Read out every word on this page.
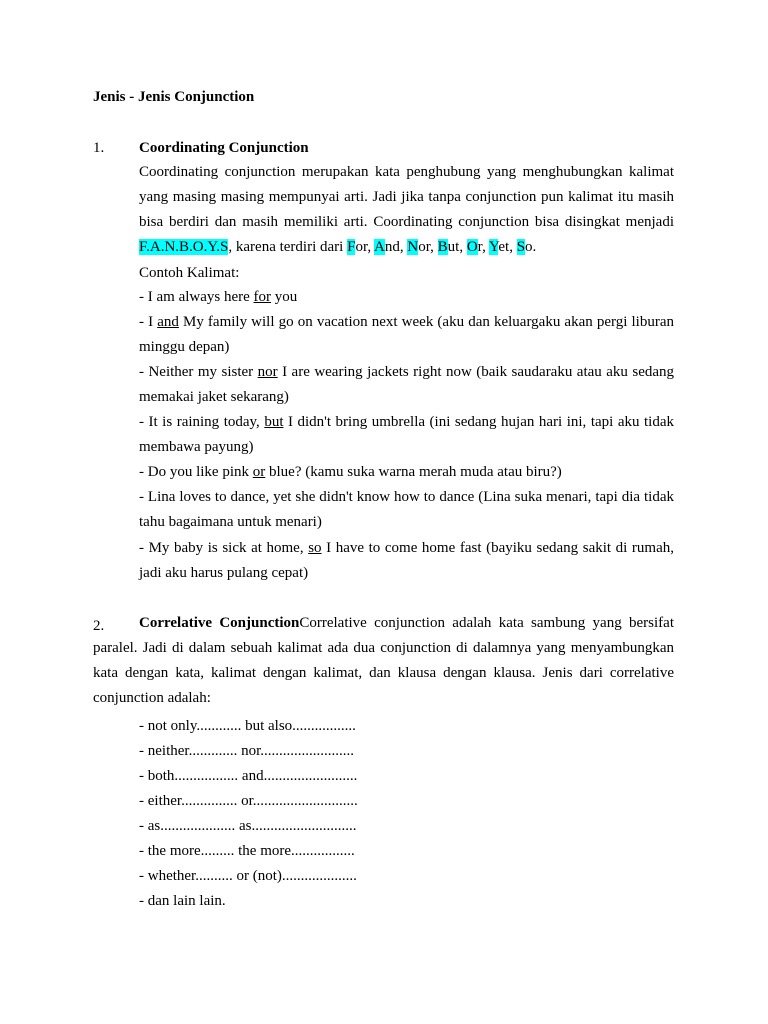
Jenis - Jenis Conjunction
1. Coordinating Conjunction
Coordinating conjunction merupakan kata penghubung yang menghubungkan kalimat yang masing masing mempunyai arti. Jadi jika tanpa conjunction pun kalimat itu masih bisa berdiri dan masih memiliki arti. Coordinating conjunction bisa disingkat menjadi F.A.N.B.O.Y.S, karena terdiri dari For, And, Nor, But, Or, Yet, So.
Contoh Kalimat:
- I am always here for you
- I and My family will go on vacation next week (aku dan keluargaku akan pergi liburan minggu depan)
- Neither my sister nor I are wearing jackets right now (baik saudaraku atau aku sedang memakai jaket sekarang)
- It is raining today, but I didn't bring umbrella (ini sedang hujan hari ini, tapi aku tidak membawa payung)
- Do you like pink or blue? (kamu suka warna merah muda atau biru?)
- Lina loves to dance, yet she didn't know how to dance (Lina suka menari, tapi dia tidak tahu bagaimana untuk menari)
- My baby is sick at home, so I have to come home fast (bayiku sedang sakit di rumah, jadi aku harus pulang cepat)
2.	Correlative ConjunctionCorrelative conjunction adalah kata sambung yang bersifat paralel. Jadi di dalam sebuah kalimat ada dua conjunction di dalamnya yang menyambungkan kata dengan kata, kalimat dengan kalimat, dan klausa dengan klausa. Jenis dari correlative conjunction adalah:
- not only............ but also.................
- neither............. nor.........................
- both................. and.........................
- either............... or............................
- as.................... as............................
- the more......... the more.................
- whether.......... or (not)....................
- dan lain lain.
